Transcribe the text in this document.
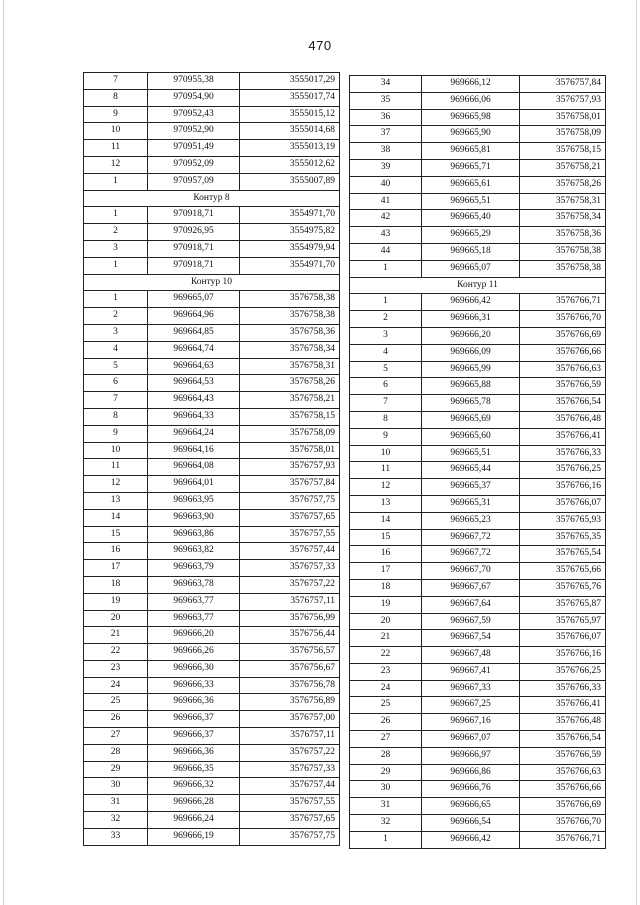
470
7	970955,38	3555017,29
8	970954,90	3555017,74
9	970952,43	3555015,12
10	970952,90	3555014,68
11	970951,49	3555013,19
12	970952,09	3555012,62
1	970957,09	3555007,89
Контур 8		
1	970918,71	3554971,70
2	970926,95	3554975,82
3	970918,71	3554979,94
1	970918,71	3554971,70
Контур 10		
1	969665,07	3576758,38
2	969664,96	3576758,38
3	969664,85	3576758,36
4	969664,74	3576758,34
5	969664,63	3576758,31
6	969664,53	3576758,26
7	969664,43	3576758,21
8	969664,33	3576758,15
9	969664,24	3576758,09
10	969664,16	3576758,01
11	969664,08	3576757,93
12	969664,01	3576757,84
13	969663,95	3576757,75
14	969663,90	3576757,65
15	969663,86	3576757,55
16	969663,82	3576757,44
17	969663,79	3576757,33
18	969663,78	3576757,22
19	969663,77	3576757,11
20	969663,77	3576756,99
21	969666,20	3576756,44
22	969666,26	3576756,57
23	969666,30	3576756,67
24	969666,33	3576756,78
25	969666,36	3576756,89
26	969666,37	3576757,00
27	969666,37	3576757,11
28	969666,36	3576757,22
29	969666,35	3576757,33
30	969666,32	3576757,44
31	969666,28	3576757,55
32	969666,24	3576757,65
33	969666,19	3576757,75
34	969666,12	3576757,84
35	969666,06	3576757,93
36	969665,98	3576758,01
37	969665,90	3576758,09
38	969665,81	3576758,15
39	969665,71	3576758,21
40	969665,61	3576758,26
41	969665,51	3576758,31
42	969665,40	3576758,34
43	969665,29	3576758,36
44	969665,18	3576758,38
1	969665,07	3576758,38
Контур 11		
1	969666,42	3576766,71
2	969666,31	3576766,70
3	969666,20	3576766,69
4	969666,09	3576766,66
5	969665,99	3576766,63
6	969665,88	3576766,59
7	969665,78	3576766,54
8	969665,69	3576766,48
9	969665,60	3576766,41
10	969665,51	3576766,33
11	969665,44	3576766,25
12	969665,37	3576766,16
13	969665,31	3576766,07
14	969665,23	3576765,93
15	969667,72	3576765,35
16	969667,72	3576765,54
17	969667,70	3576765,66
18	969667,67	3576765,76
19	969667,64	3576765,87
20	969667,59	3576765,97
21	969667,54	3576766,07
22	969667,48	3576766,16
23	969667,41	3576766,25
24	969667,33	3576766,33
25	969667,25	3576766,41
26	969667,16	3576766,48
27	969667,07	3576766,54
28	969666,97	3576766,59
29	969666,86	3576766,63
30	969666,76	3576766,66
31	969666,65	3576766,69
32	969666,54	3576766,70
1	969666,42	3576766,71
